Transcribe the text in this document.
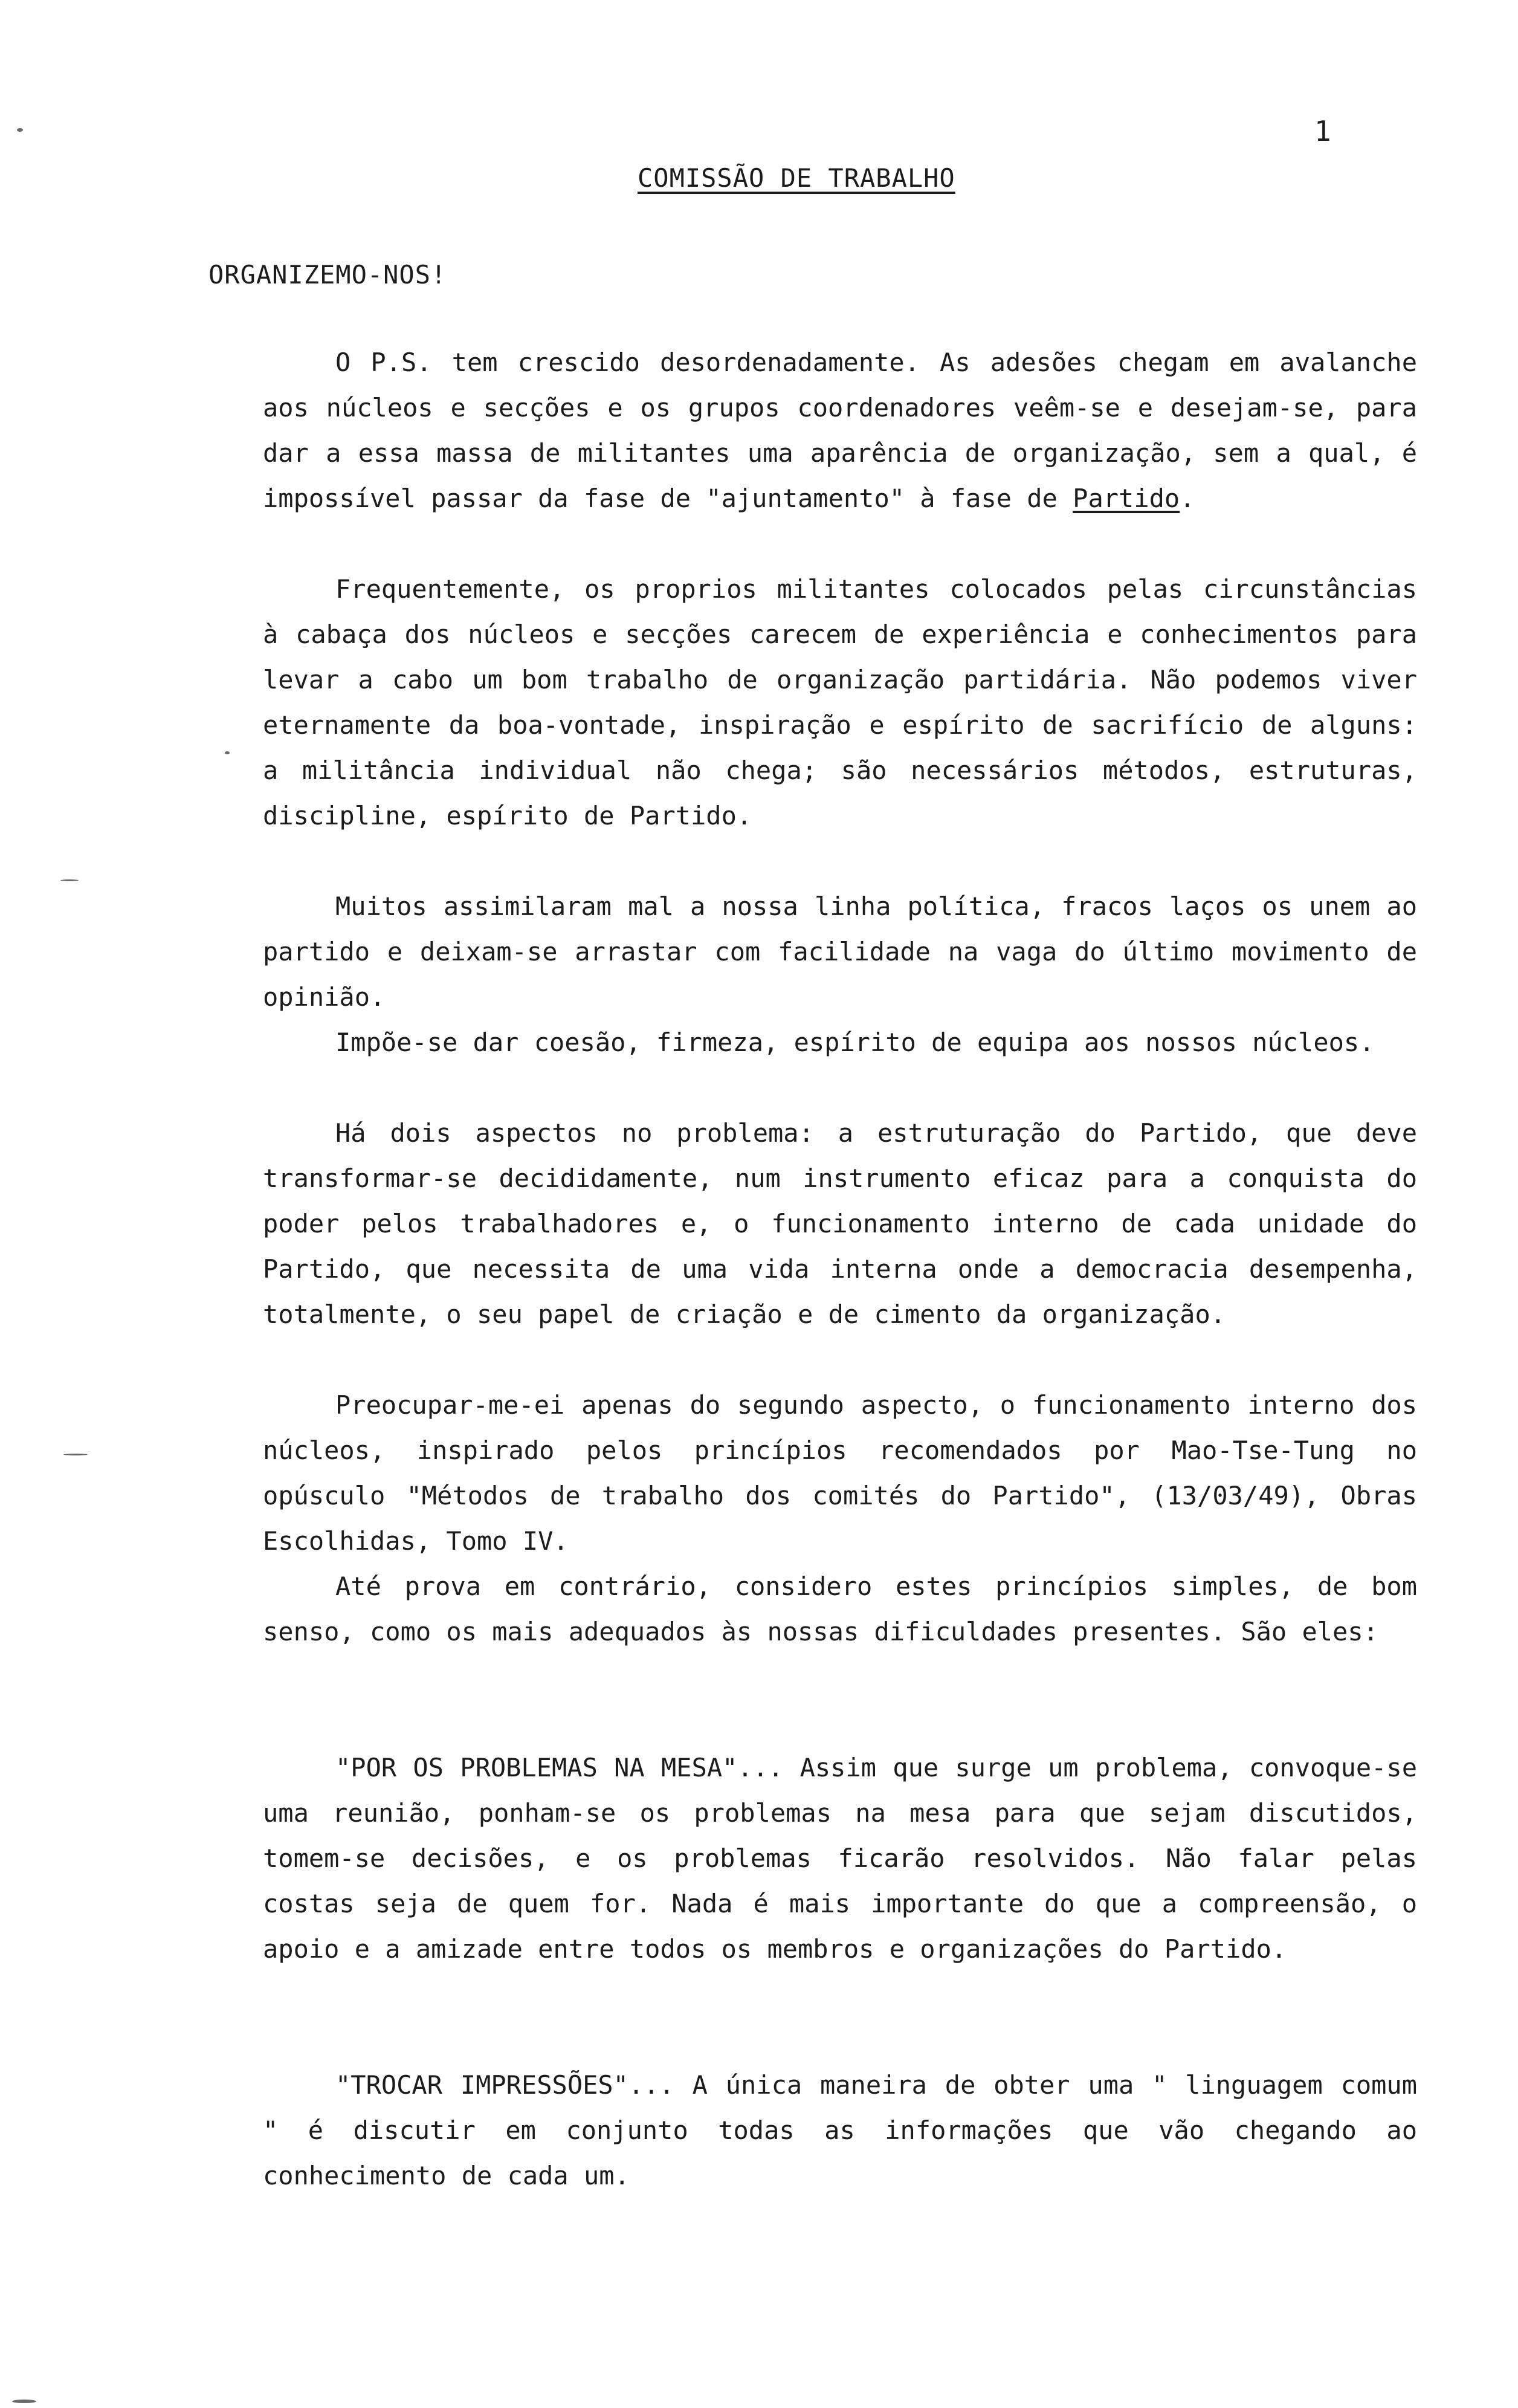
1
COMISSÃO DE TRABALHO
ORGANIZEMO-NOS!

O P.S. tem crescido desordenadamente. As adesões chegam em avalanche aos núcleos e secções e os grupos coordenadores veêm-se e desejam-se, para dar a essa massa de militantes uma aparência de organização, sem a qual, é impossível passar da fase de "ajuntamento" à fase de Partido.

Frequentemente, os proprios militantes colocados pelas circunstâncias à cabaça dos núcleos e secções carecem de experiência e conhecimentos para levar a cabo um bom trabalho de organização partidária. Não podemos viver eternamente da boa-vontade, inspiração e espírito de sacrifício de alguns: a militância individual não chega; são necessários métodos, estruturas, discipline, espírito de Partido.

Muitos assimilaram mal a nossa linha política, fracos laços os unem ao partido e deixam-se arrastar com facilidade na vaga do último movimento de opinião.

Impõe-se dar coesão, firmeza, espírito de equipa aos nossos núcleos.

Há dois aspectos no problema: a estruturação do Partido, que deve transformar-se decididamente, num instrumento eficaz para a conquista do poder pelos trabalhadores e, o funcionamento interno de cada unidade do Partido, que necessita de uma vida interna onde a democracia desempenha, totalmente, o seu papel de criação e de cimento da organização.

Preocupar-me-ei apenas do segundo aspecto, o funcionamento interno dos núcleos, inspirado pelos princípios recomendados por Mao-Tse-Tung no opúsculo "Métodos de trabalho dos comités do Partido", (13/03/49), Obras Escolhidas, Tomo IV.

Até prova em contrário, considero estes princípios simples, de bom senso, como os mais adequados às nossas dificuldades presentes. São eles:

"POR OS PROBLEMAS NA MESA"... Assim que surge um problema, convoque-se uma reunião, ponham-se os problemas na mesa para que sejam discutidos, tomem-se decisões, e os problemas ficarão resolvidos. Não falar pelas costas seja de quem for. Nada é mais importante do que a compreensão, o apoio e a amizade entre todos os membros e organizações do Partido.

"TROCAR IMPRESSÕES"... A única maneira de obter uma " linguagem comum " é discutir em conjunto todas as informações que vão chegando ao conhecimento de cada um.
